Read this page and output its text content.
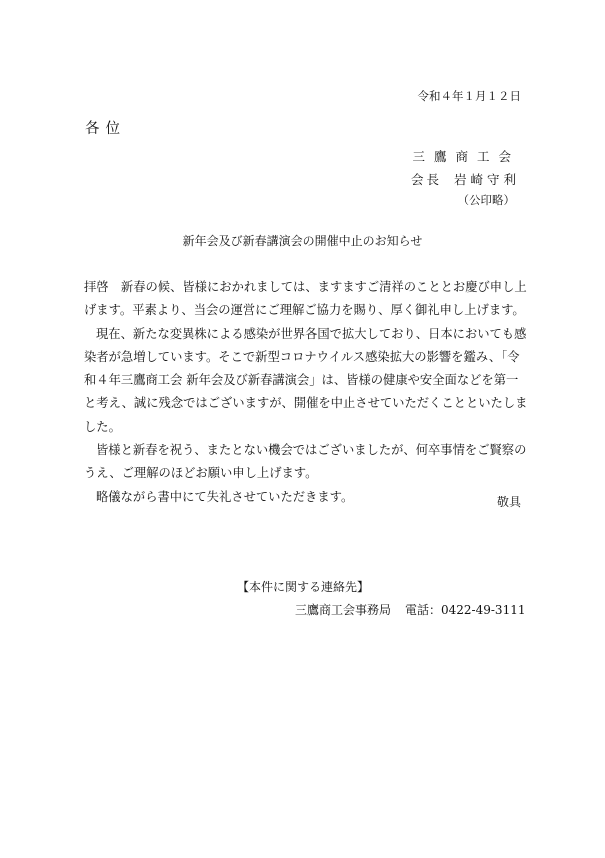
令和４年１月１２日
各位
三鷹商工会
会長 岩崎守利
（公印略）
新年会及び新春講演会の開催中止のお知らせ

拝啓　新春の候、皆様におかれましては、ますますご清祥のこととお慶び申し上げます。平素より、当会の運営にご理解ご協力を賜り、厚く御礼申し上げます。

現在、新たな変異株による感染が世界各国で拡大しており、日本においても感染者が急増しています。そこで新型コロナウイルス感染拡大の影響を鑑み、「令和４年三鷹商工会 新年会及び新春講演会」は、皆様の健康や安全面などを第一と考え、誠に残念ではございますが、開催を中止させていただくことといたしました。

皆様と新春を祝う、またとない機会ではございましたが、何卒事情をご賢察のうえ、ご理解のほどお願い申し上げます。

略儀ながら書中にて失礼させていただきます。	敬具
【本件に関する連絡先】
三鷹商工会事務局 電話：0422-49-3111
